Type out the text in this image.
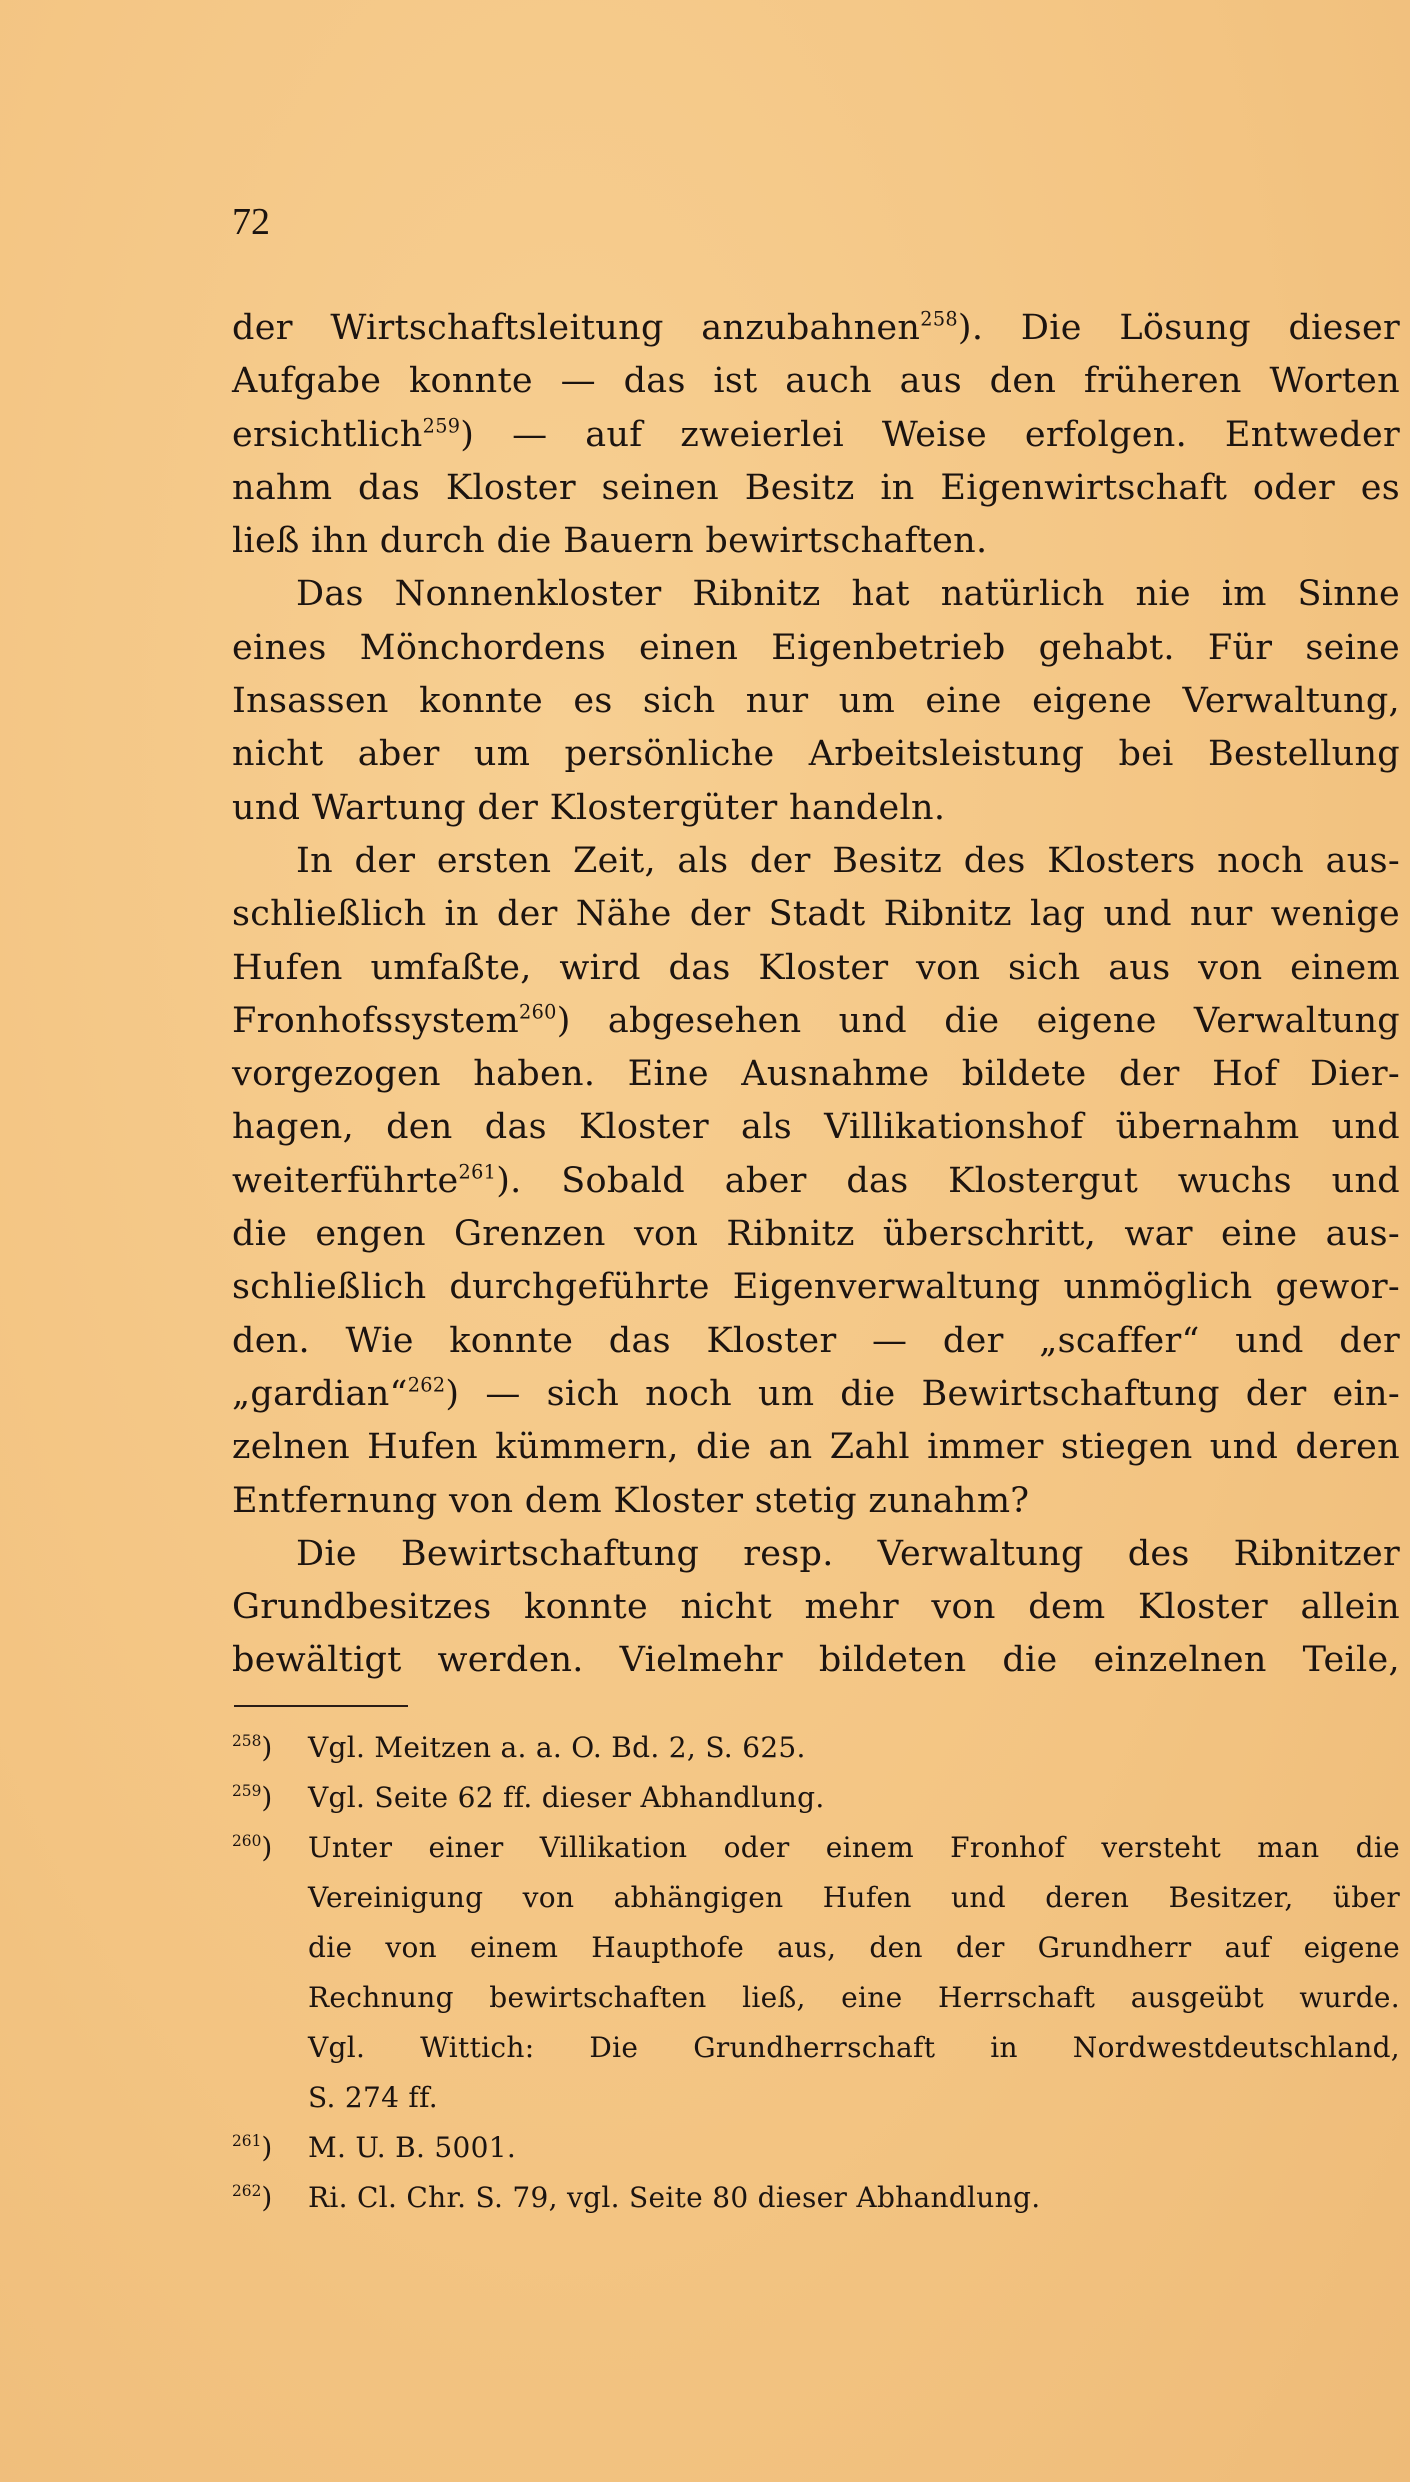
72
der Wirtschaftsleitung anzubahnen$^{258}$). Die Lösung dieser
Aufgabe konnte — das ist auch aus den früheren Worten
ersichtlich$^{259}$) — auf zweierlei Weise erfolgen. Entweder
nahm das Kloster seinen Besitz in Eigenwirtschaft oder es
ließ ihn durch die Bauern bewirtschaften.
Das Nonnenkloster Ribnitz hat natürlich nie im Sinne
eines Mönchordens einen Eigenbetrieb gehabt. Für seine
Insassen konnte es sich nur um eine eigene Verwaltung,
nicht aber um persönliche Arbeitsleistung bei Bestellung
und Wartung der Klostergüter handeln.
In der ersten Zeit, als der Besitz des Klosters noch aus-
schließlich in der Nähe der Stadt Ribnitz lag und nur wenige
Hufen umfaßte, wird das Kloster von sich aus von einem
Fronhofssystem$^{260}$) abgesehen und die eigene Verwaltung
vorgezogen haben. Eine Ausnahme bildete der Hof Dier-
hagen, den das Kloster als Villikationshof übernahm und
weiterführte$^{261}$). Sobald aber das Klostergut wuchs und
die engen Grenzen von Ribnitz überschritt, war eine aus-
schließlich durchgeführte Eigenverwaltung unmöglich gewor-
den. Wie konnte das Kloster — der „scaffer“ und der
„gardian“$^{262}$) — sich noch um die Bewirtschaftung der ein-
zelnen Hufen kümmern, die an Zahl immer stiegen und deren
Entfernung von dem Kloster stetig zunahm?
Die Bewirtschaftung resp. Verwaltung des Ribnitzer
Grundbesitzes konnte nicht mehr von dem Kloster allein
bewältigt werden. Vielmehr bildeten die einzelnen Teile,
$^{258}$) Vgl. Meitzen a. a. O. Bd. 2, S. 625.
$^{259}$) Vgl. Seite 62 ff. dieser Abhandlung.
$^{260}$) Unter einer Villikation oder einem Fronhof versteht man die
Vereinigung von abhängigen Hufen und deren Besitzer, über
die von einem Haupthofe aus, den der Grundherr auf eigene
Rechnung bewirtschaften ließ, eine Herrschaft ausgeübt wurde.
Vgl. Wittich: Die Grundherrschaft in Nordwestdeutschland,
S. 274 ff.
$^{261}$) M. U. B. 5001.
$^{262}$) Ri. Cl. Chr. S. 79, vgl. Seite 80 dieser Abhandlung.
